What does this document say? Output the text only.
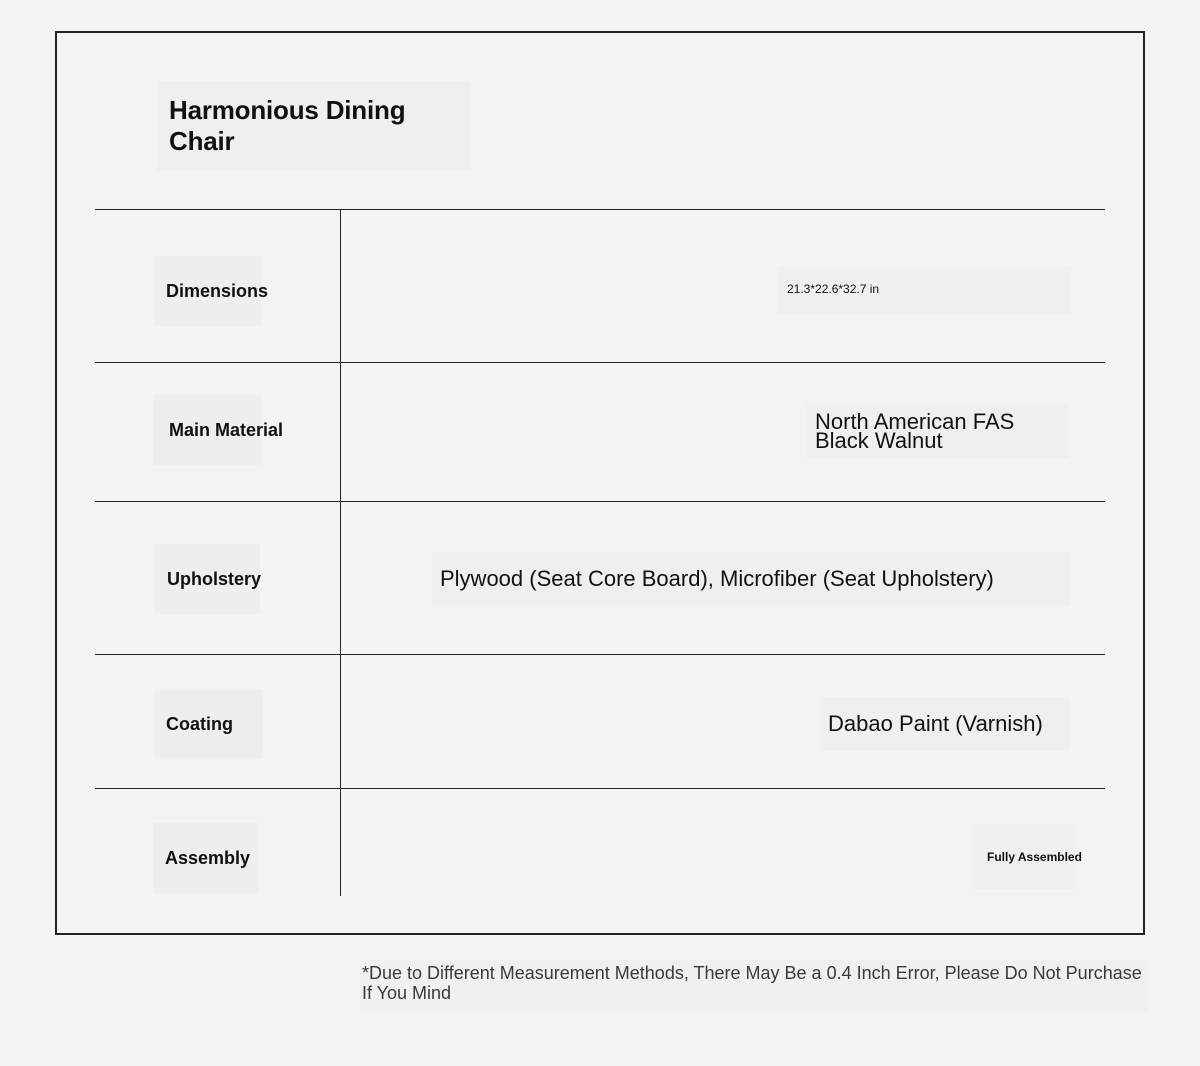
Harmonious Dining Chair
Dimensions	21.3*22.6*32.7 in
Main Material	North American FAS Black Walnut
Upholstery	Plywood (Seat Core Board), Microfiber (Seat Upholstery)
Coating	Dabao Paint (Varnish)
Assembly	Fully Assembled

*Due to Different Measurement Methods, There May Be a 0.4 Inch Error, Please Do Not Purchase If You Mind
